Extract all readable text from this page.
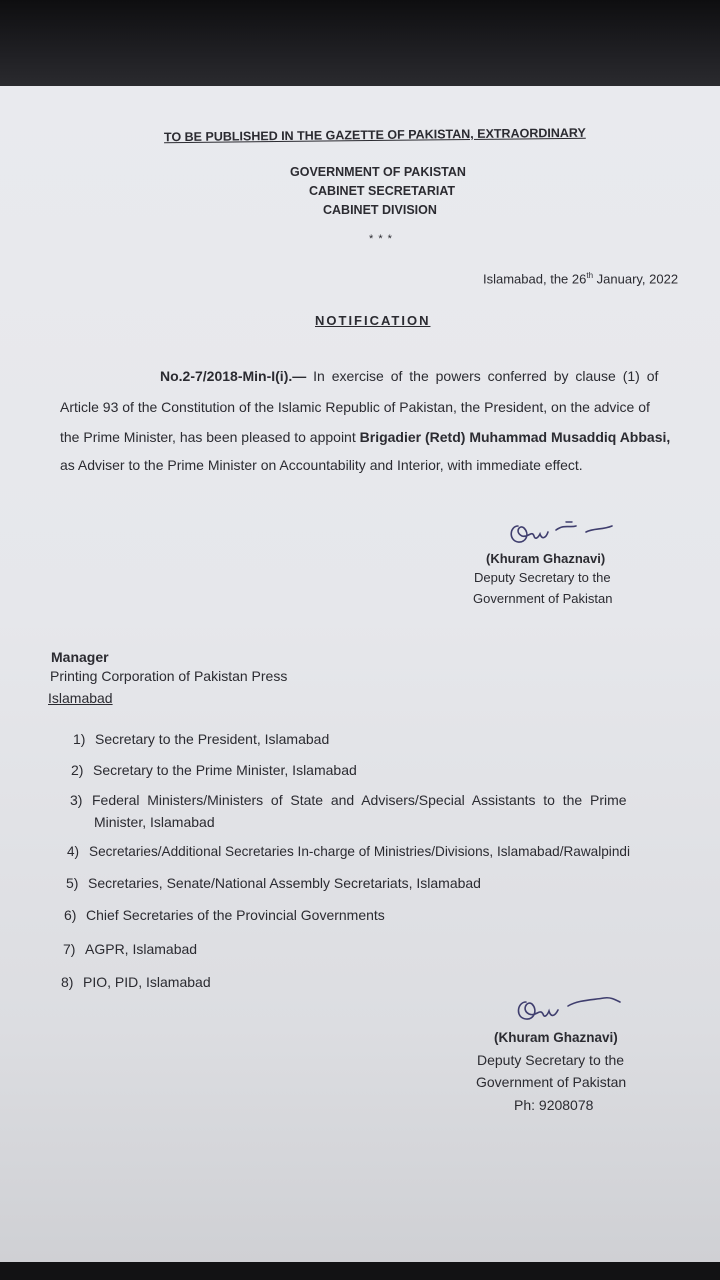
TO BE PUBLISHED IN THE GAZETTE OF PAKISTAN, EXTRAORDINARY
GOVERNMENT OF PAKISTAN
CABINET SECRETARIAT
CABINET DIVISION
* * *
Islamabad, the 26th January, 2022
NOTIFICATION
No.2-7/2018-Min-I(i).— In exercise of the powers conferred by clause (1) of
Article 93 of the Constitution of the Islamic Republic of Pakistan, the President, on the advice of
the Prime Minister, has been pleased to appoint Brigadier (Retd) Muhammad Musaddiq Abbasi,
as Adviser to the Prime Minister on Accountability and Interior, with immediate effect.
(Khuram Ghaznavi)
Deputy Secretary to the
Government of Pakistan
Manager
Printing Corporation of Pakistan Press
Islamabad
1) Secretary to the President, Islamabad
2) Secretary to the Prime Minister, Islamabad
3) Federal  Ministers/Ministers  of  State  and  Advisers/Special  Assistants  to  the  Prime
Minister, Islamabad
4) Secretaries/Additional Secretaries In-charge of Ministries/Divisions, Islamabad/Rawalpindi
5) Secretaries, Senate/National Assembly Secretariats, Islamabad
6) Chief Secretaries of the Provincial Governments
7) AGPR, Islamabad
8) PIO, PID, Islamabad
(Khuram Ghaznavi)
Deputy Secretary to the
Government of Pakistan
Ph: 9208078
